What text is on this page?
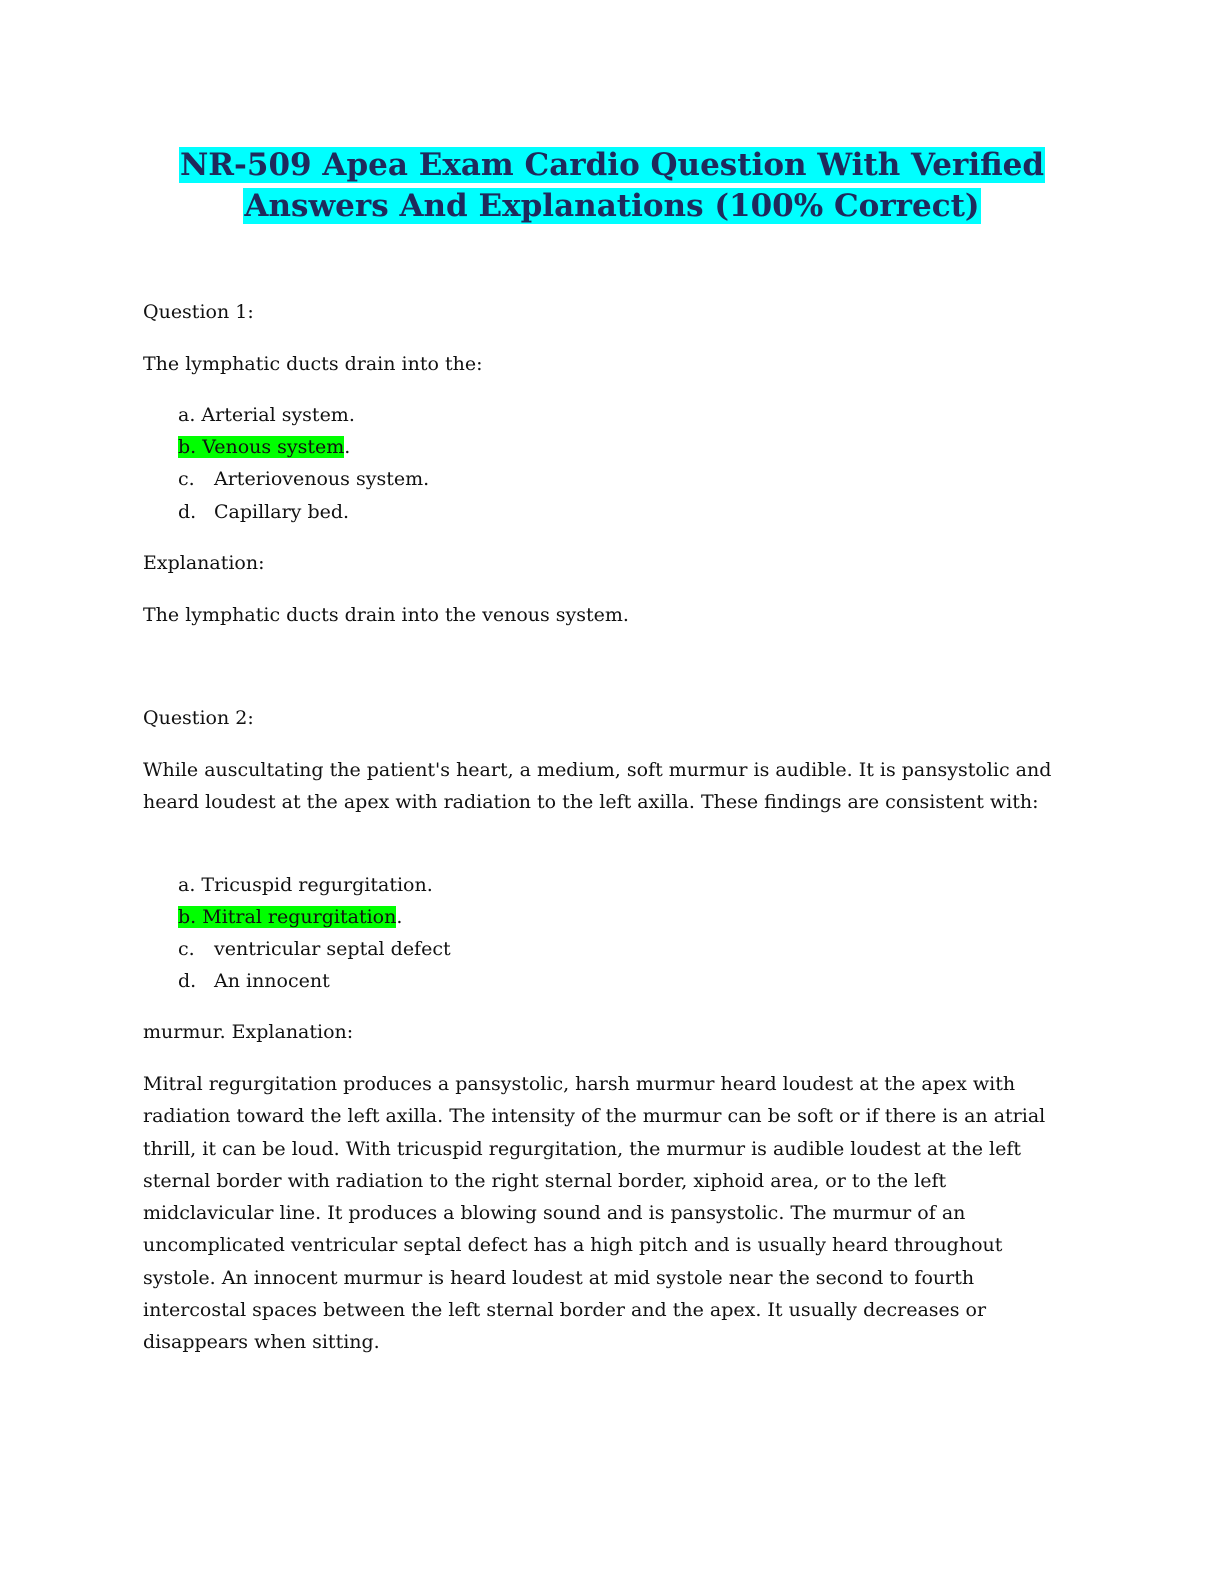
NR-509 Apea Exam Cardio Question With Verified
Answers And Explanations (100% Correct)
Question 1:
The lymphatic ducts drain into the:
a. Arterial system.
b. Venous system.
c. Arteriovenous system.
d. Capillary bed.
Explanation:
The lymphatic ducts drain into the venous system.
Question 2:
While auscultating the patient's heart, a medium, soft murmur is audible. It is pansystolic and heard loudest at the apex with radiation to the left axilla. These findings are consistent with:
a. Tricuspid regurgitation.
b. Mitral regurgitation.
c. ventricular septal defect
d. An innocent
murmur. Explanation:
Mitral regurgitation produces a pansystolic, harsh murmur heard loudest at the apex with radiation toward the left axilla. The intensity of the murmur can be soft or if there is an atrial thrill, it can be loud. With tricuspid regurgitation, the murmur is audible loudest at the left sternal border with radiation to the right sternal border, xiphoid area, or to the left midclavicular line. It produces a blowing sound and is pansystolic. The murmur of an uncomplicated ventricular septal defect has a high pitch and is usually heard throughout systole. An innocent murmur is heard loudest at mid systole near the second to fourth intercostal spaces between the left sternal border and the apex. It usually decreases or disappears when sitting.
